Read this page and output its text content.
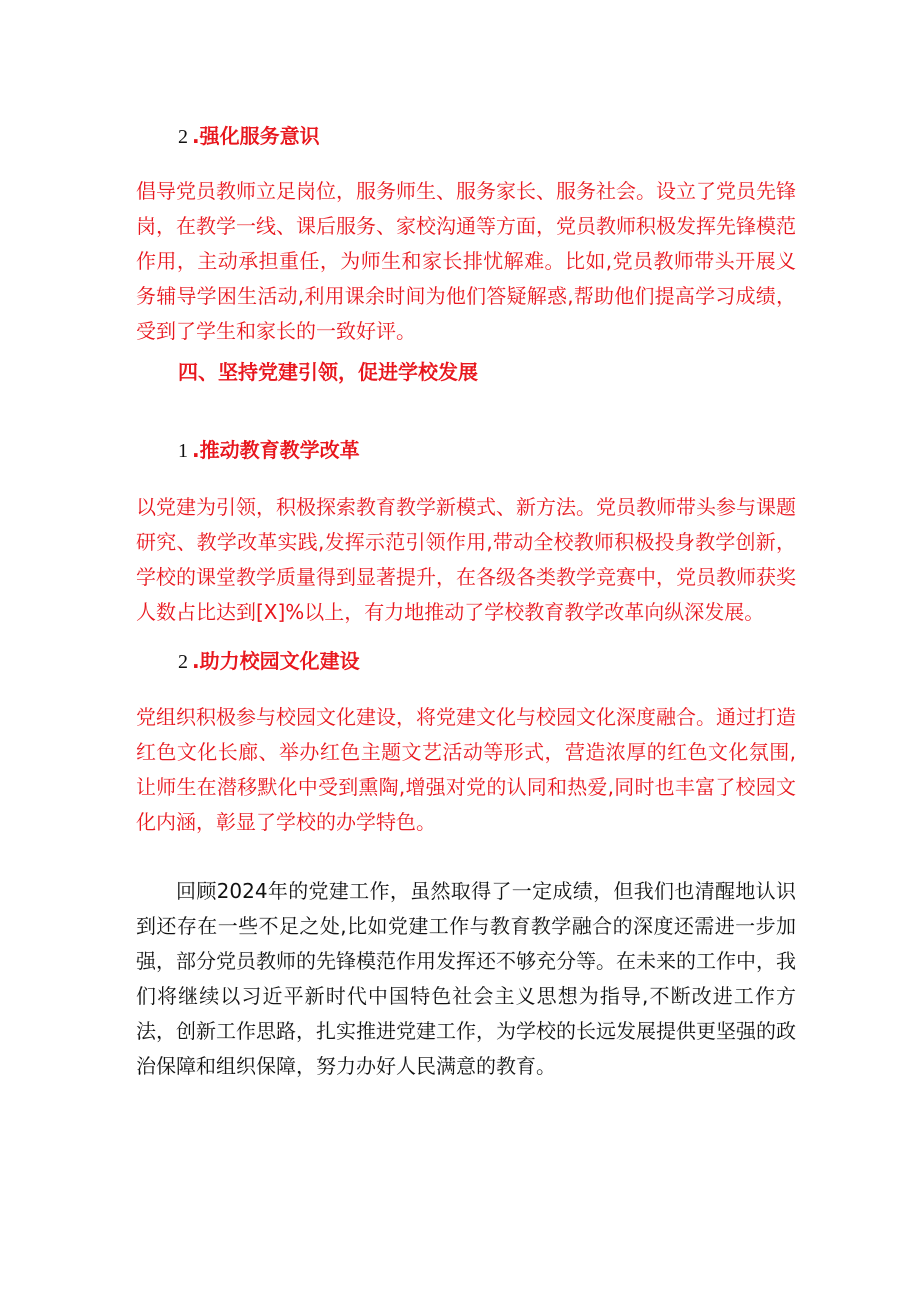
2 .强化服务意识

倡导党员教师立足岗位，服务师生、服务家长、服务社会。设立了党员先锋岗，在教学一线、课后服务、家校沟通等方面，党员教师积极发挥先锋模范作用，主动承担重任，为师生和家长排忧解难。比如,党员教师带头开展义务辅导学困生活动,利用课余时间为他们答疑解惑,帮助他们提高学习成绩，受到了学生和家长的一致好评。

四、坚持党建引领，促进学校发展
1 .推动教育教学改革

以党建为引领，积极探索教育教学新模式、新方法。党员教师带头参与课题研究、教学改革实践,发挥示范引领作用,带动全校教师积极投身教学创新，学校的课堂教学质量得到显著提升，在各级各类教学竞赛中，党员教师获奖人数占比达到[X]%以上，有力地推动了学校教育教学改革向纵深发展。

2 .助力校园文化建设

党组织积极参与校园文化建设，将党建文化与校园文化深度融合。通过打造红色文化长廊、举办红色主题文艺活动等形式，营造浓厚的红色文化氛围,让师生在潜移默化中受到熏陶,增强对党的认同和热爱,同时也丰富了校园文化内涵，彰显了学校的办学特色。

回顾2024年的党建工作，虽然取得了一定成绩，但我们也清醒地认识到还存在一些不足之处,比如党建工作与教育教学融合的深度还需进一步加强，部分党员教师的先锋模范作用发挥还不够充分等。在未来的工作中，我们将继续以习近平新时代中国特色社会主义思想为指导,不断改进工作方法，创新工作思路，扎实推进党建工作，为学校的长远发展提供更坚强的政治保障和组织保障，努力办好人民满意的教育。
